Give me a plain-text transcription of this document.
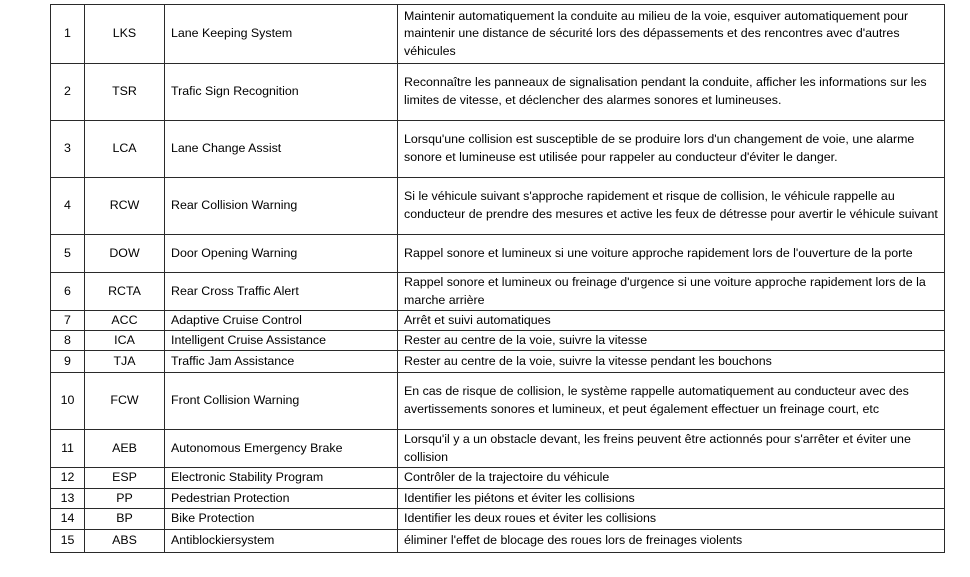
1	LKS	Lane Keeping System	Maintenir automatiquement la conduite au milieu de la voie, esquiver automatiquement pour maintenir une distance de sécurité lors des dépassements et des rencontres avec d'autres véhicules
2	TSR	Trafic Sign Recognition	Reconnaître les panneaux de signalisation pendant la conduite, afficher les informations sur les limites de vitesse, et déclencher des alarmes sonores et lumineuses.
3	LCA	Lane Change Assist	Lorsqu'une collision est susceptible de se produire lors d'un changement de voie, une alarme sonore et lumineuse est utilisée pour rappeler au conducteur d'éviter le danger.
4	RCW	Rear Collision Warning	Si le véhicule suivant s'approche rapidement et risque de collision, le véhicule rappelle au conducteur de prendre des mesures et active les feux de détresse pour avertir le véhicule suivant
5	DOW	Door Opening Warning	Rappel sonore et lumineux si une voiture approche rapidement lors de l'ouverture de la porte
6	RCTA	Rear Cross Traffic Alert	Rappel sonore et lumineux ou freinage d'urgence si une voiture approche rapidement lors de la marche arrière
7	ACC	Adaptive Cruise Control	Arrêt et suivi automatiques
8	ICA	Intelligent Cruise Assistance	Rester au centre de la voie, suivre la vitesse
9	TJA	Traffic Jam Assistance	Rester au centre de la voie, suivre la vitesse pendant les bouchons
10	FCW	Front Collision Warning	En cas de risque de collision, le système rappelle automatiquement au conducteur avec des avertissements sonores et lumineux, et peut également effectuer un freinage court, etc
11	AEB	Autonomous Emergency Brake	Lorsqu'il y a un obstacle devant, les freins peuvent être actionnés pour s'arrêter et éviter une collision
12	ESP	Electronic Stability Program	Contrôler de la trajectoire du véhicule
13	PP	Pedestrian Protection	Identifier les piétons et éviter les collisions
14	BP	Bike Protection	Identifier les deux roues et éviter les collisions
15	ABS	Antiblockiersystem	éliminer l'effet de blocage des roues lors de freinages violents
